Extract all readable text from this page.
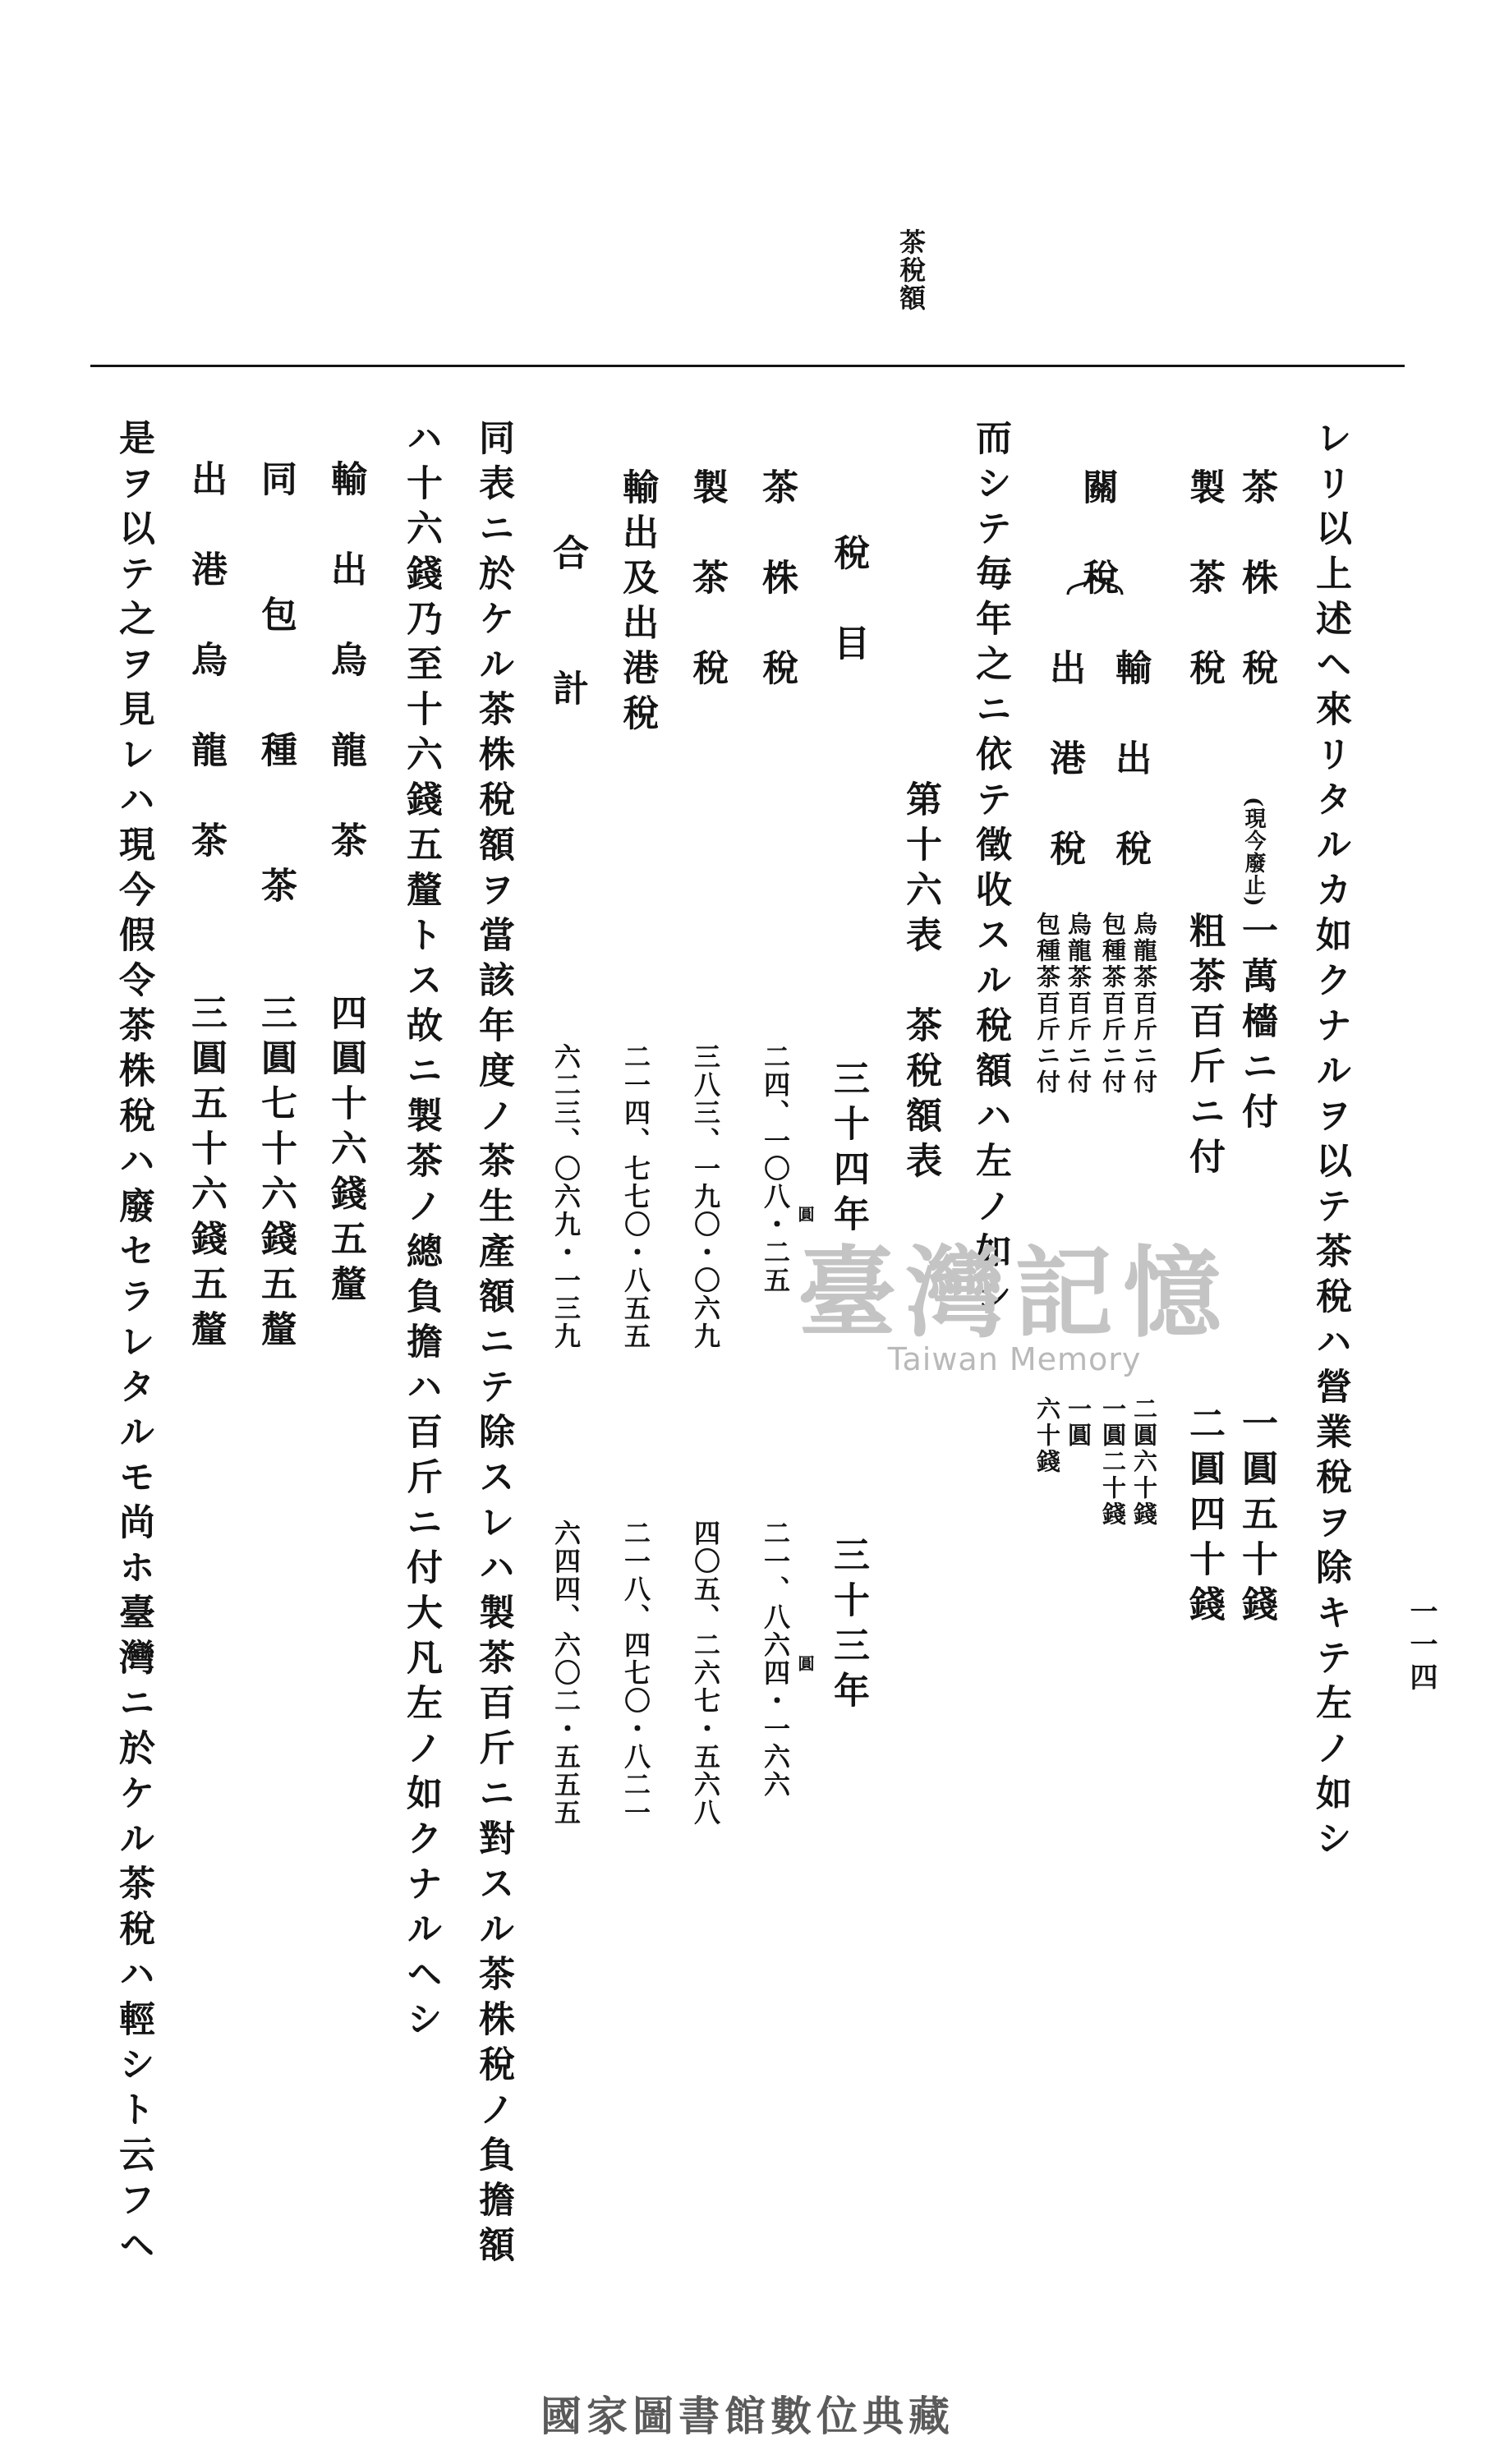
茶稅額
一一四
レリ以上述ヘ來リタルカ如クナルヲ以テ茶稅ハ營業稅ヲ除キテ左ノ如シ
茶　株　稅
(現今廢止)
一萬檣ニ付
一圓五十錢
製　茶　稅
粗茶百斤ニ付
二圓四十錢
關　稅
輸　出　稅
烏龍茶百斤ニ付
包種茶百斤ニ付
二圓六十錢
一圓二十錢
出　港　稅
烏龍茶百斤ニ付
包種茶百斤ニ付
一圓
六十錢
而シテ毎年之ニ依テ徵收スル稅額ハ左ノ如シ
第十六表　茶稅額表
稅　目
三十四年
三十三年
圓
圓
茶　株　稅
二四、一〇八・二五
二一、八六四・一六六
製　茶　稅
三八三、一九〇・〇六九
四〇五、二六七・五六八
輸出及出港稅
二一四、七七〇・八五五
二一八、四七〇・八二一
合　　計
六二三、〇六九・一三九
六四四、六〇二・五五五
同表ニ於ケル茶株稅額ヲ當該年度ノ茶生產額ニテ除スレハ製茶百斤ニ對スル茶株稅ノ負擔額
ハ十六錢乃至十六錢五釐トス故ニ製茶ノ總負擔ハ百斤ニ付大凡左ノ如クナルヘシ
輸　出　烏　龍　茶
四圓十六錢五釐
同　　包　　種　　茶
三圓七十六錢五釐
出　港　烏　龍　茶
三圓五十六錢五釐
是ヲ以テ之ヲ見レハ現今假令茶株稅ハ廢セラレタルモ尚ホ臺灣ニ於ケル茶稅ハ輕シト云フヘ	臺灣記憶
Taiwan Memory
國家圖書館數位典藏
